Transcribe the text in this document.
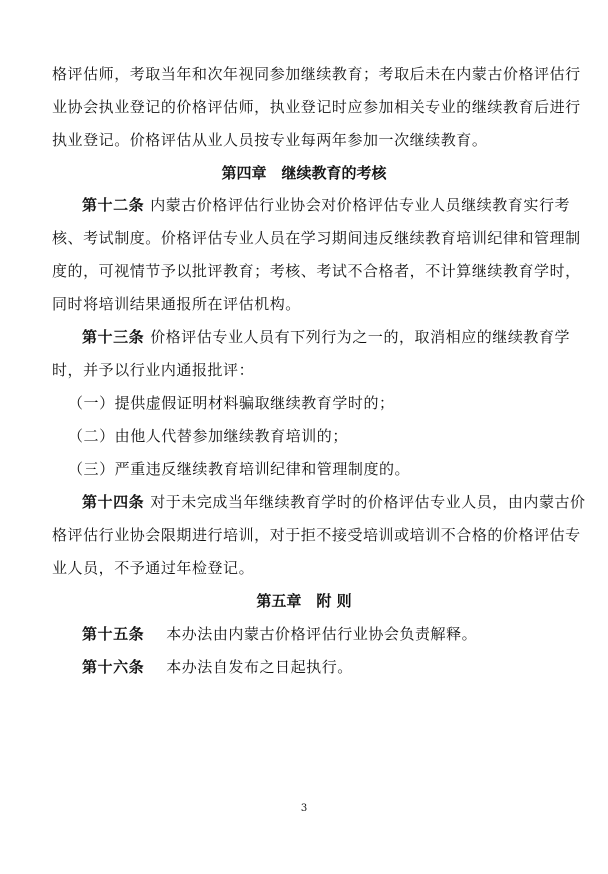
格评估师，考取当年和次年视同参加继续教育；考取后未在内蒙古价格评估行
业协会执业登记的价格评估师，执业登记时应参加相关专业的继续教育后进行
执业登记。价格评估从业人员按专业每两年参加一次继续教育。
第四章　继续教育的考核
第十二条 内蒙古价格评估行业协会对价格评估专业人员继续教育实行考
核、考试制度。价格评估专业人员在学习期间违反继续教育培训纪律和管理制
度的，可视情节予以批评教育；考核、考试不合格者，不计算继续教育学时，
同时将培训结果通报所在评估机构。
第十三条 价格评估专业人员有下列行为之一的，取消相应的继续教育学
时，并予以行业内通报批评：
（一）提供虚假证明材料骗取继续教育学时的；
（二）由他人代替参加继续教育培训的；
（三）严重违反继续教育培训纪律和管理制度的。
第十四条 对于未完成当年继续教育学时的价格评估专业人员，由内蒙古价
格评估行业协会限期进行培训，对于拒不接受培训或培训不合格的价格评估专
业人员，不予通过年检登记。
第五章　附 则
第十五条 本办法由内蒙古价格评估行业协会负责解释。
第十六条 本办法自发布之日起执行。
3
